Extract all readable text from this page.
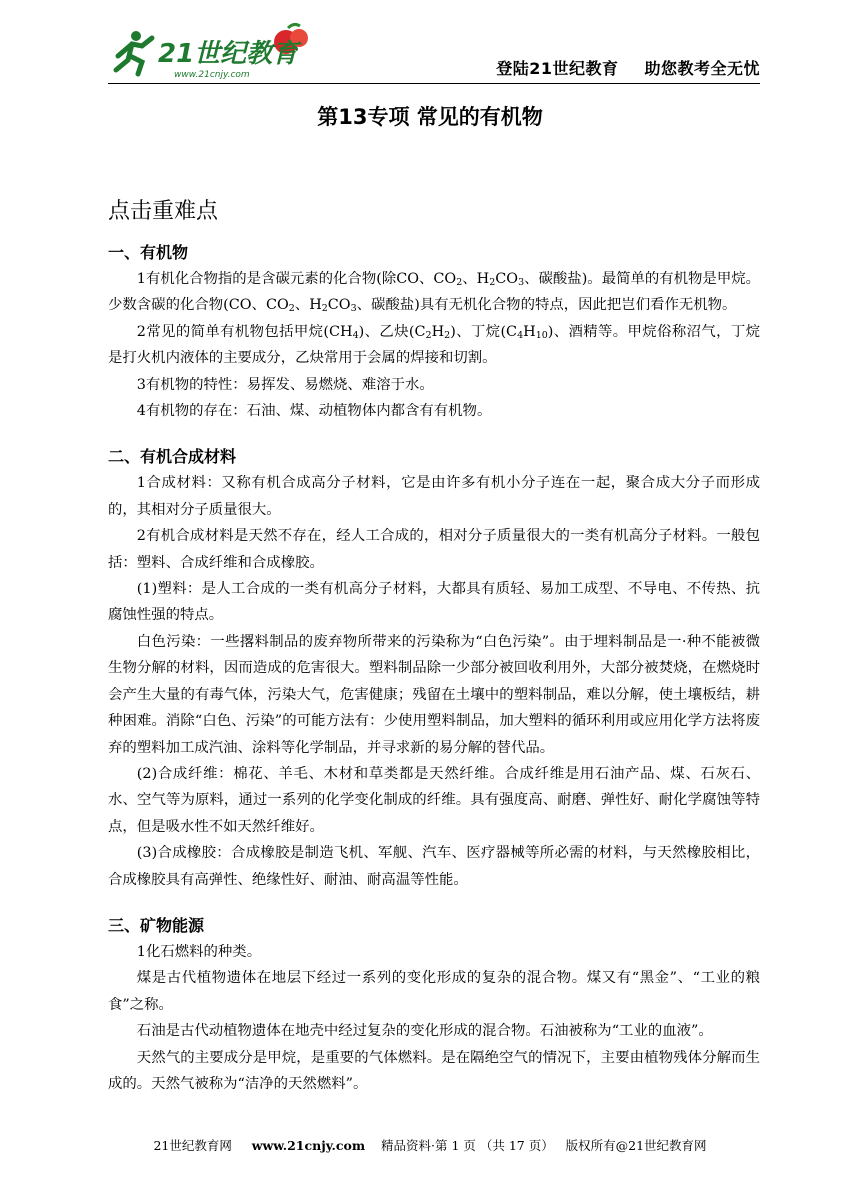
21世纪教育
www.21cnjy.com	登陆21世纪教育 助您教考全无忧
第13专项 常见的有机物
点击重难点
一、有机物

1有机化合物指的是含碳元素的化合物(除CO、$CO_2$、$H_2CO_3$、碳酸盐)。最简单的有机物是甲烷。少数含碳的化合物(CO、$CO_2$、$H_2CO_3$、碳酸盐)具有无机化合物的特点，因此把岂们看作无机物。

2常见的简单有机物包括甲烷$(CH_4)$、乙炔$(C_2H_2)$、丁烷$(C_4H_{10})$、酒精等。甲烷俗称沼气，丁烷是打火机内液体的主要成分，乙炔常用于会属的焊接和切割。

3有机物的特性：易挥发、易燃烧、难溶于水。

4有机物的存在：石油、煤、动植物体内都含有有机物。

二、有机合成材料

1合成材料：又称有机合成高分子材料，它是由许多有机小分子连在一起，聚合成大分子而形成的，其相对分子质量很大。

2有机合成材料是天然不存在，经人工合成的，相对分子质量很大的一类有机高分子材料。一般包括：塑料、合成纤维和合成橡胶。

(1)塑料：是人工合成的一类有机高分子材料，大都具有质轻、易加工成型、不导电、不传热、抗腐蚀性强的特点。

白色污染：一些撂料制品的废弃物所带来的污染称为“白色污染”。由于埋料制品是一·种不能被微生物分解的材料，因而造成的危害很大。塑料制品除一少部分被回收利用外，大部分被焚烧，在燃烧时会产生大量的有毒气体，污染大气，危害健康；残留在土壤中的塑料制品，难以分解，使土壤板结，耕种困难。消除“白色、污染”的可能方法有：少使用塑料制品，加大塑料的循环利用或应用化学方法将废弃的塑料加工成汽油、涂料等化学制品，并寻求新的易分解的替代品。

(2)合成纤维：棉花、羊毛、木材和草类都是天然纤维。合成纤维是用石油产品、煤、石灰石、水、空气等为原料，通过一系列的化学变化制成的纤维。具有强度高、耐磨、弹性好、耐化学腐蚀等特点，但是吸水性不如天然纤维好。

(3)合成橡胶：合成橡胶是制造飞机、军舰、汽车、医疗器械等所必需的材料，与天然橡胶相比，合成橡胶具有高弹性、绝缘性好、耐油、耐高温等性能。

三、矿物能源

1化石燃料的种类。

煤是古代植物遗体在地层下经过一系列的变化形成的复杂的混合物。煤又有“黑金”、“工业的粮食”之称。

石油是古代动植物遗体在地壳中经过复杂的变化形成的混合物。石油被称为“工业的血液”。

天然气的主要成分是甲烷，是重要的气体燃料。是在隔绝空气的情况下，主要由植物残体分解而生成的。天然气被称为“洁净的天然燃料”。

21世纪教育网 www.21cnjy.com 精品资料·第 1 页 （共 17 页） 版权所有@21世纪教育网
